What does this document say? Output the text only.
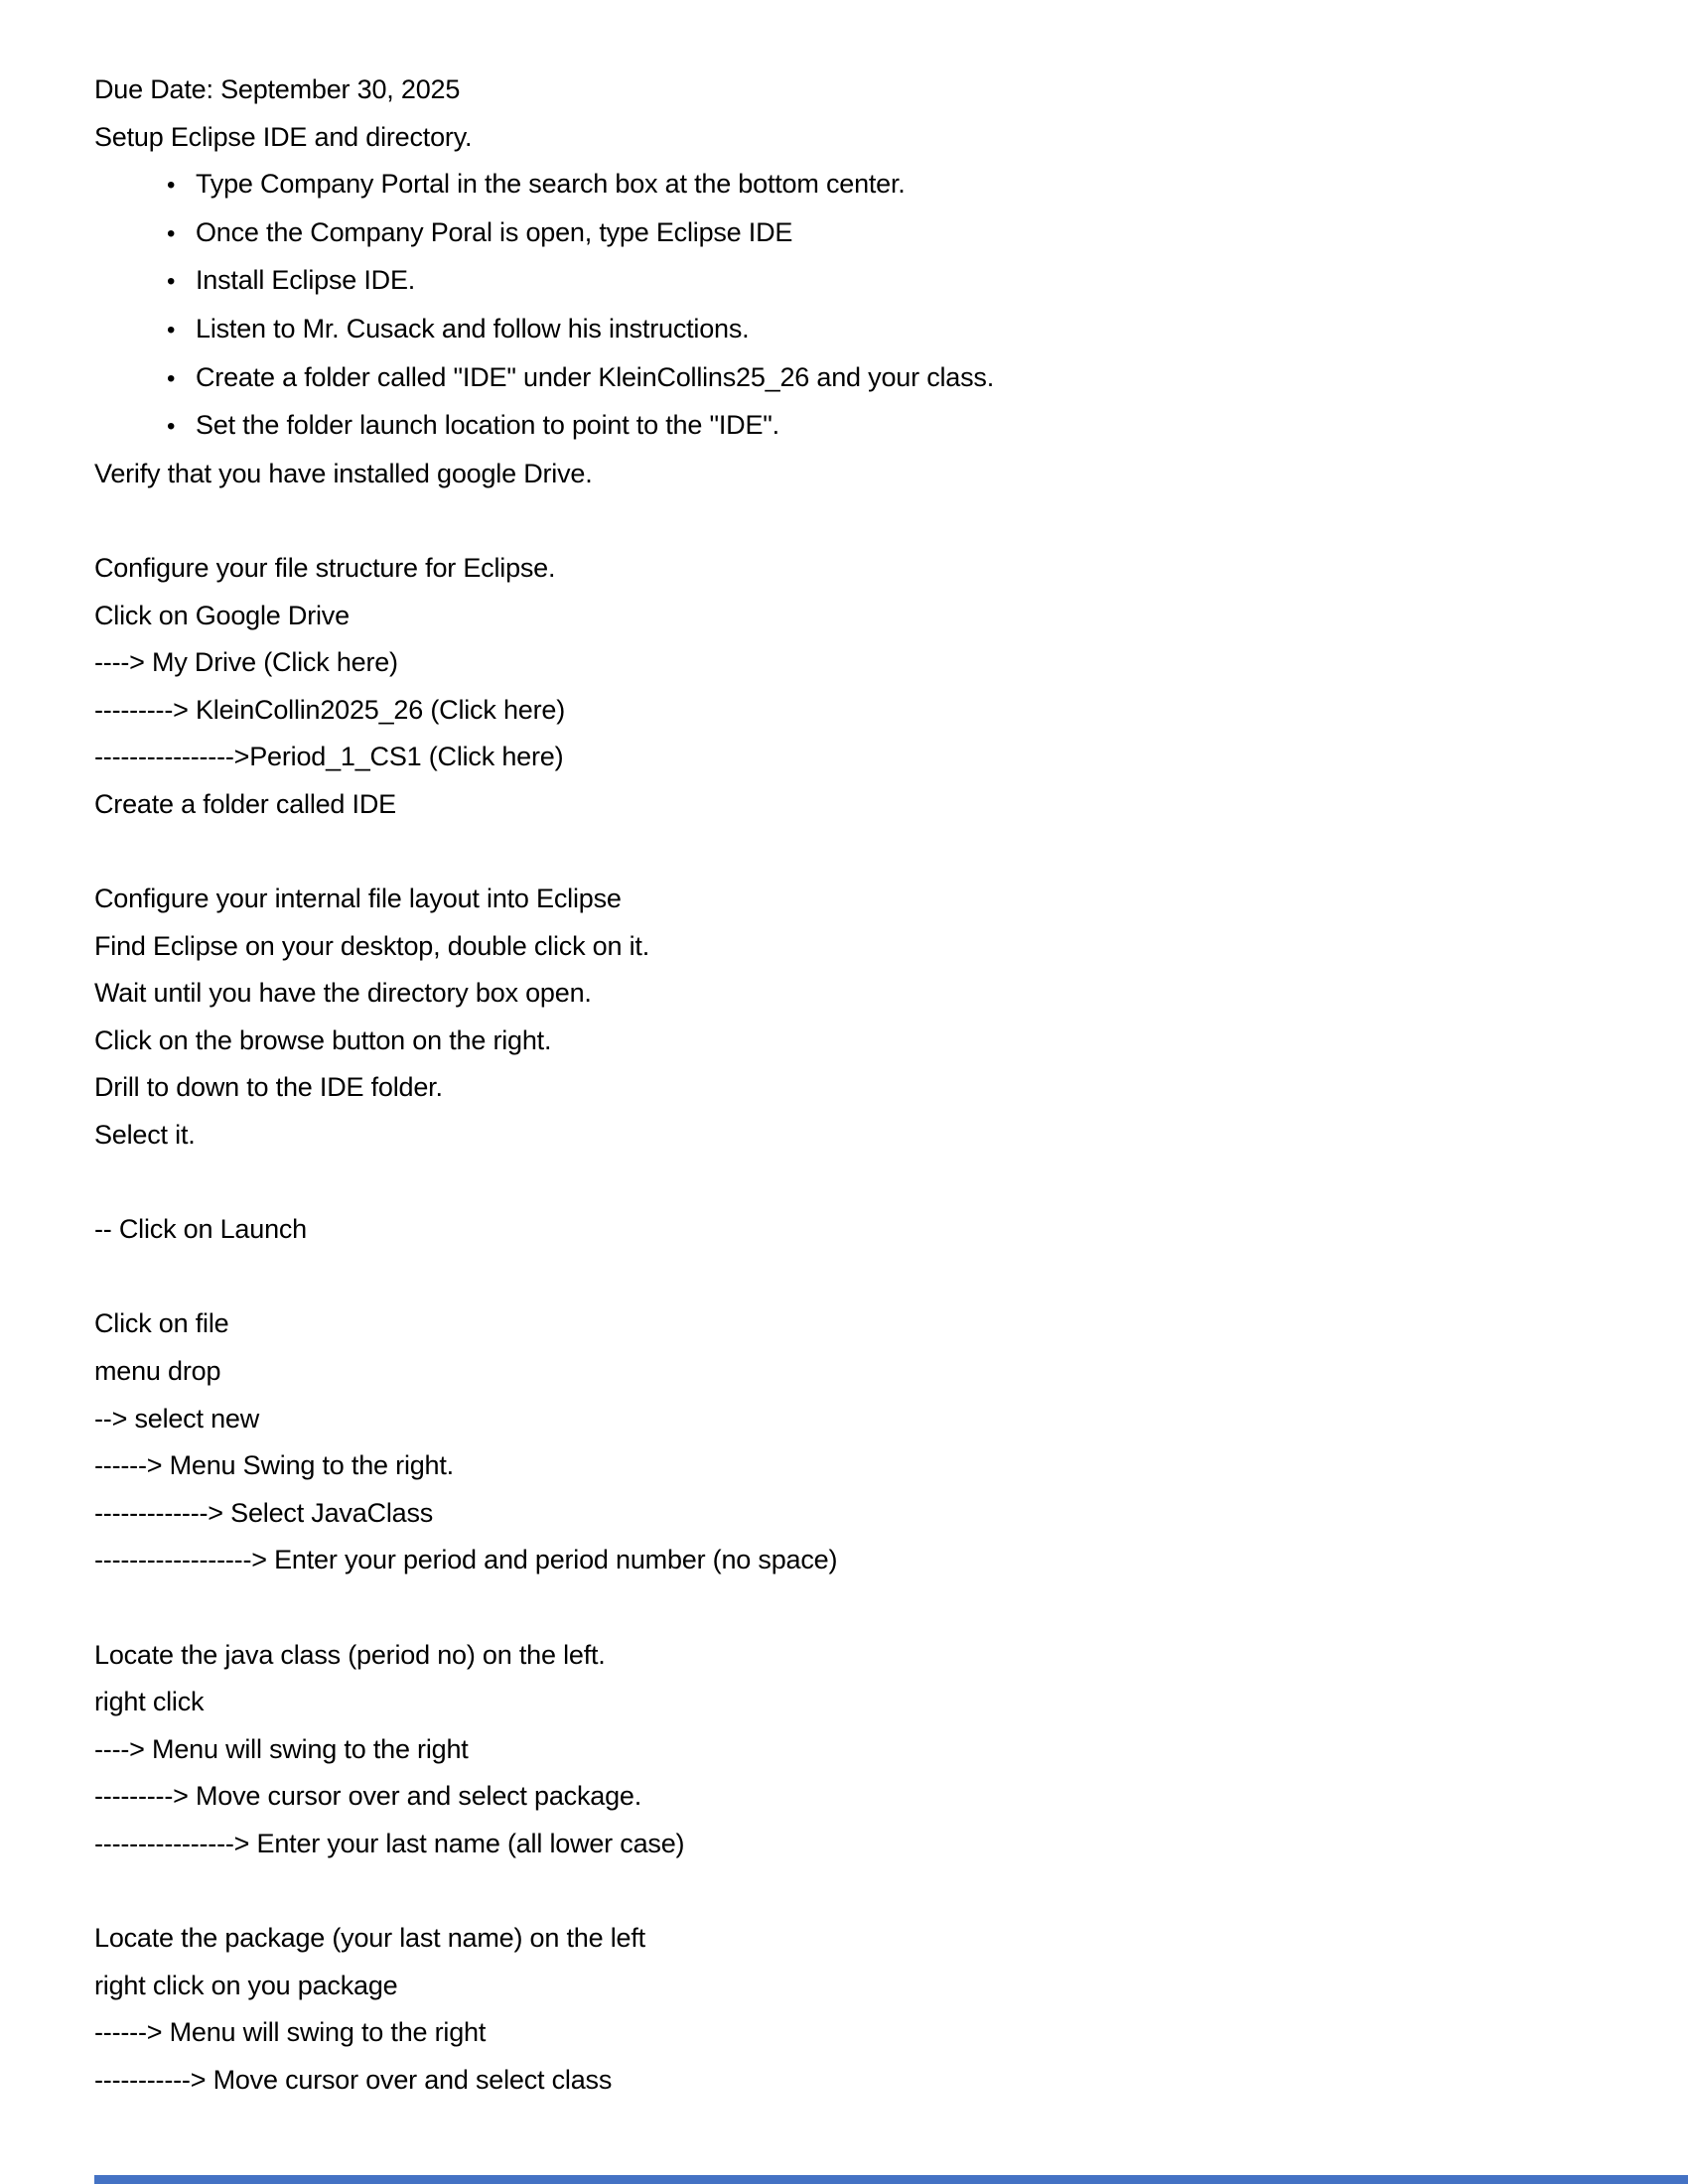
Due Date: September 30, 2025
Setup Eclipse IDE and directory.
• Type Company Portal in the search box at the bottom center.
• Once the Company Poral is open, type Eclipse IDE
• Install Eclipse IDE.
• Listen to Mr. Cusack and follow his instructions.
• Create a folder called "IDE" under KleinCollins25_26 and your class.
• Set the folder launch location to point to the "IDE".
Verify that you have installed google Drive.
Configure your file structure for Eclipse.
Click on Google Drive
----> My Drive (Click here)
---------> KleinCollin2025_26 (Click here)
---------------->Period_1_CS1 (Click here)
Create a folder called IDE
Configure your internal file layout into Eclipse
Find Eclipse on your desktop, double click on it.
Wait until you have the directory box open.
Click on the browse button on the right.
Drill to down to the IDE folder.
Select it.
-- Click on Launch
Click on file
menu drop
--> select new
------> Menu Swing to the right.
-------------> Select JavaClass
------------------> Enter your period and period number (no space)
Locate the java class (period no) on the left.
right click
----> Menu will swing to the right
---------> Move cursor over and select package.
----------------> Enter your last name (all lower case)
Locate the package (your last name) on the left
right click on you package
------> Menu will swing to the right
-----------> Move cursor over and select class
